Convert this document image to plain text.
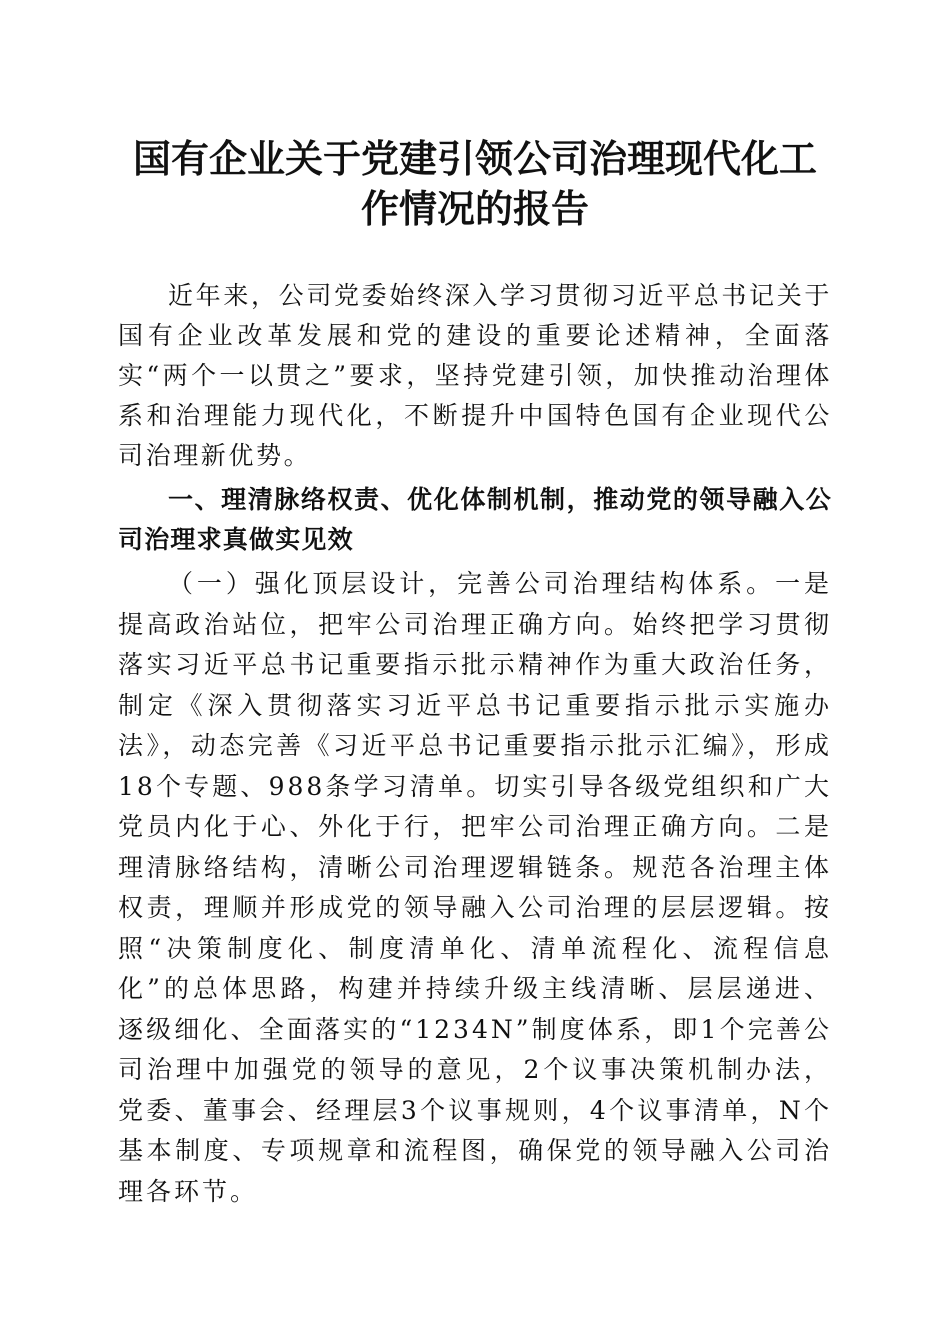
国有企业关于党建引领公司治理现代化工作情况的报告

近年来，公司党委始终深入学习贯彻习近平总书记关于国有企业改革发展和党的建设的重要论述精神，全面落实“两个一以贯之”要求，坚持党建引领，加快推动治理体系和治理能力现代化，不断提升中国特色国有企业现代公司治理新优势。

一、理清脉络权责、优化体制机制，推动党的领导融入公司治理求真做实见效

（一）强化顶层设计，完善公司治理结构体系。一是提高政治站位，把牢公司治理正确方向。始终把学习贯彻落实习近平总书记重要指示批示精神作为重大政治任务，制定《深入贯彻落实习近平总书记重要指示批示实施办法》，动态完善《习近平总书记重要指示批示汇编》，形成18个专题、988条学习清单。切实引导各级党组织和广大党员内化于心、外化于行，把牢公司治理正确方向。二是理清脉络结构，清晰公司治理逻辑链条。规范各治理主体权责，理顺并形成党的领导融入公司治理的层层逻辑。按照“决策制度化、制度清单化、清单流程化、流程信息化”的总体思路，构建并持续升级主线清晰、层层递进、逐级细化、全面落实的“1234N”制度体系，即1个完善公司治理中加强党的领导的意见，2个议事决策机制办法，党委、董事会、经理层3个议事规则，4个议事清单，N个基本制度、专项规章和流程图，确保党的领导融入公司治理各环节。
